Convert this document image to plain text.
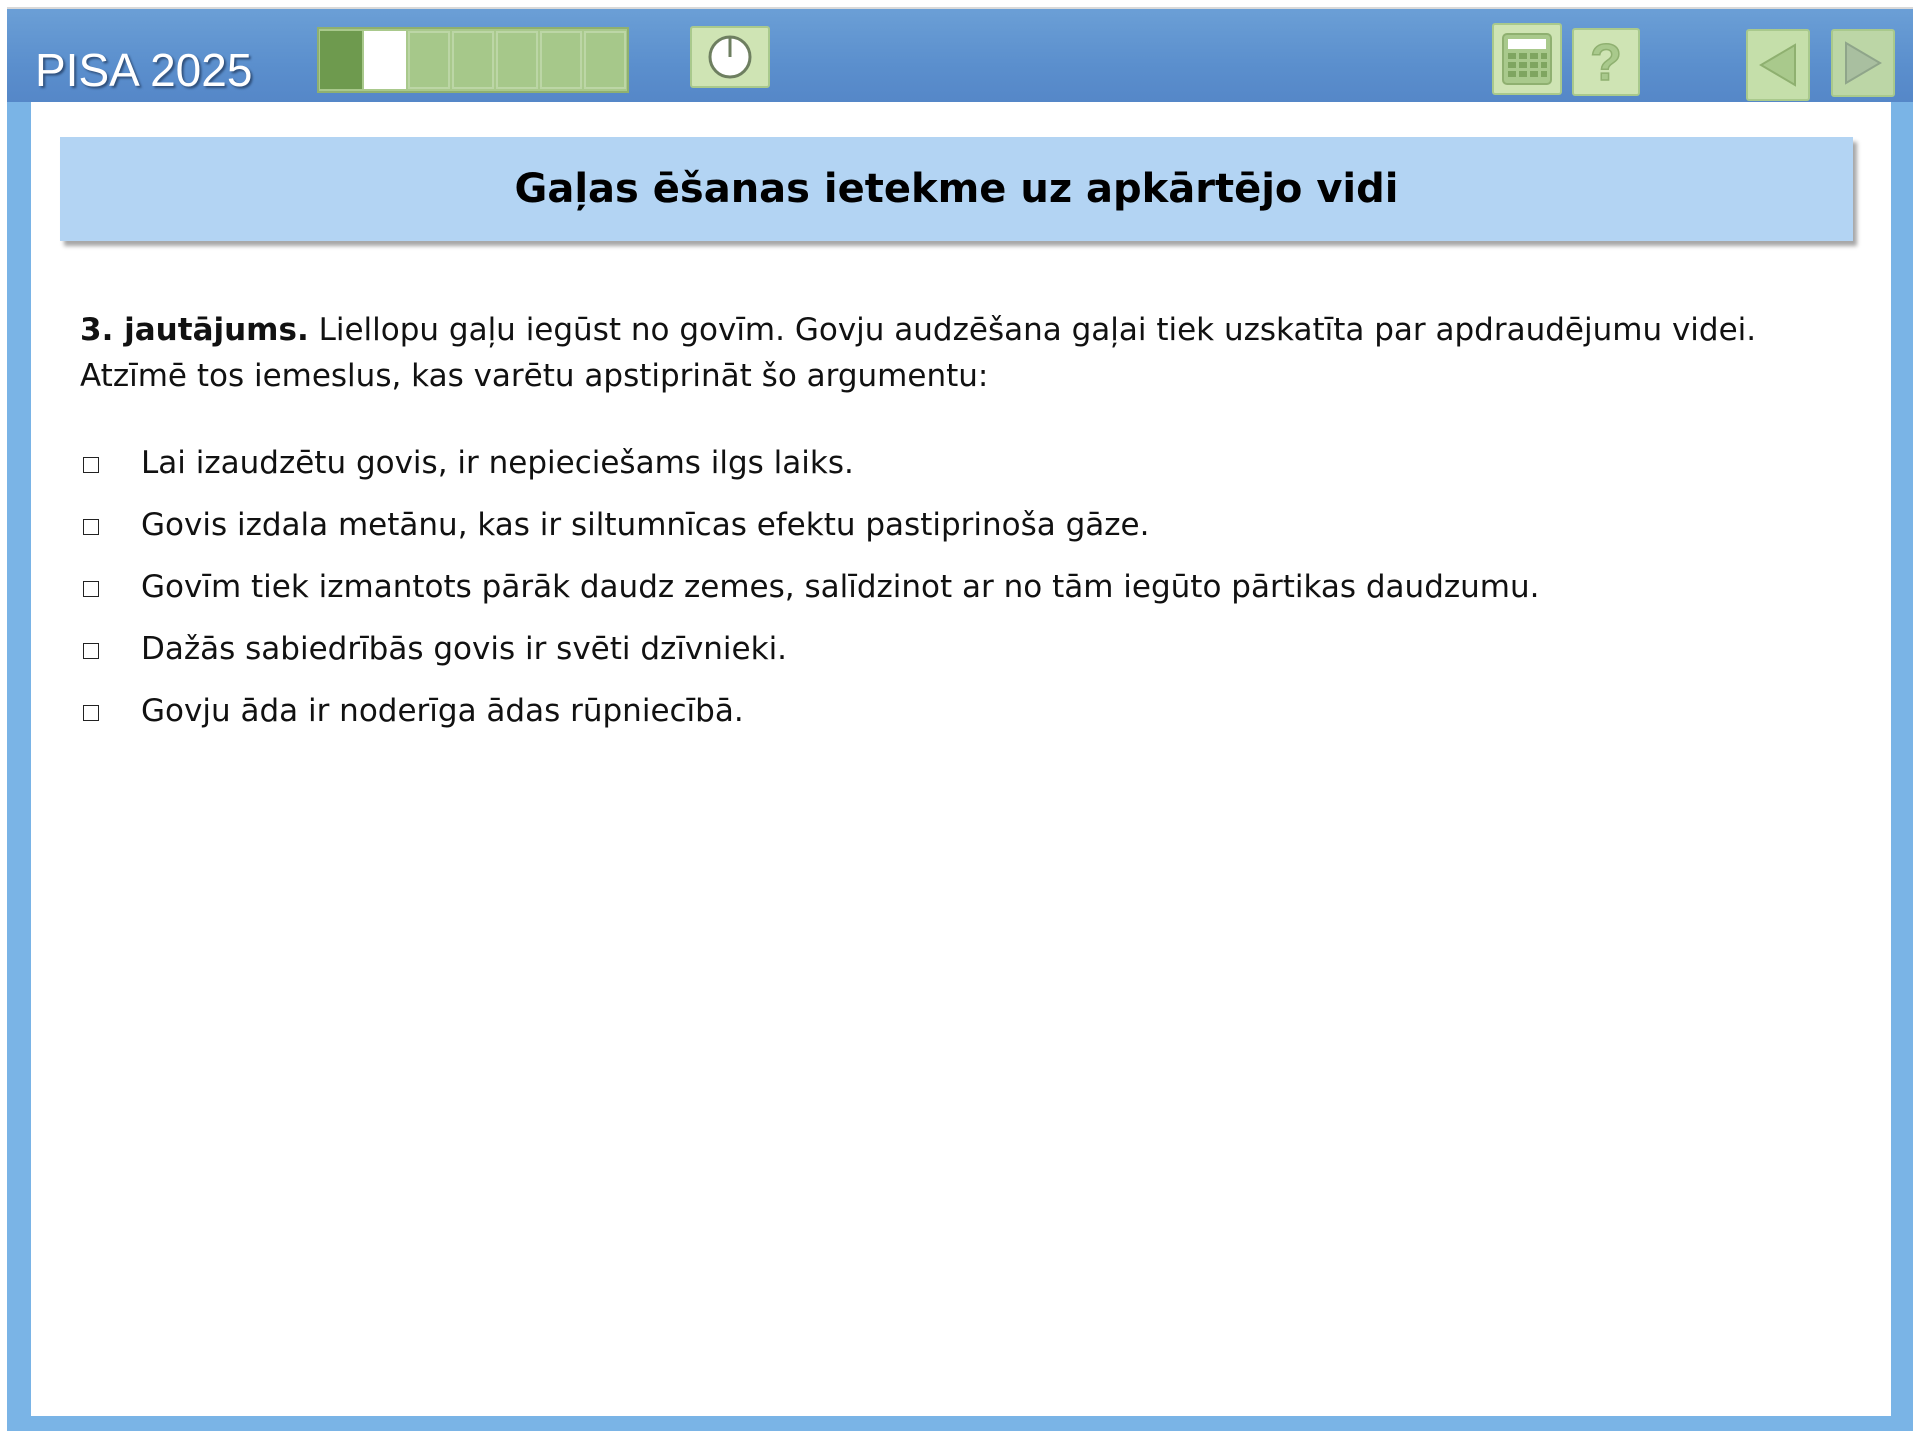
PISA 2025	?
Gaļas ēšanas ietekme uz apkārtējo vidi
3. jautājums. Liellopu gaļu iegūst no govīm. Govju audzēšana gaļai tiek uzskatīta par apdraudējumu videi. Atzīmē tos iemeslus, kas varētu apstiprināt šo argumentu:
Lai izaudzētu govis, ir nepieciešams ilgs laiks.
Govis izdala metānu, kas ir siltumnīcas efektu pastiprinoša gāze.
Govīm tiek izmantots pārāk daudz zemes, salīdzinot ar no tām iegūto pārtikas daudzumu.
Dažās sabiedrībās govis ir svēti dzīvnieki.
Govju āda ir noderīga ādas rūpniecībā.
